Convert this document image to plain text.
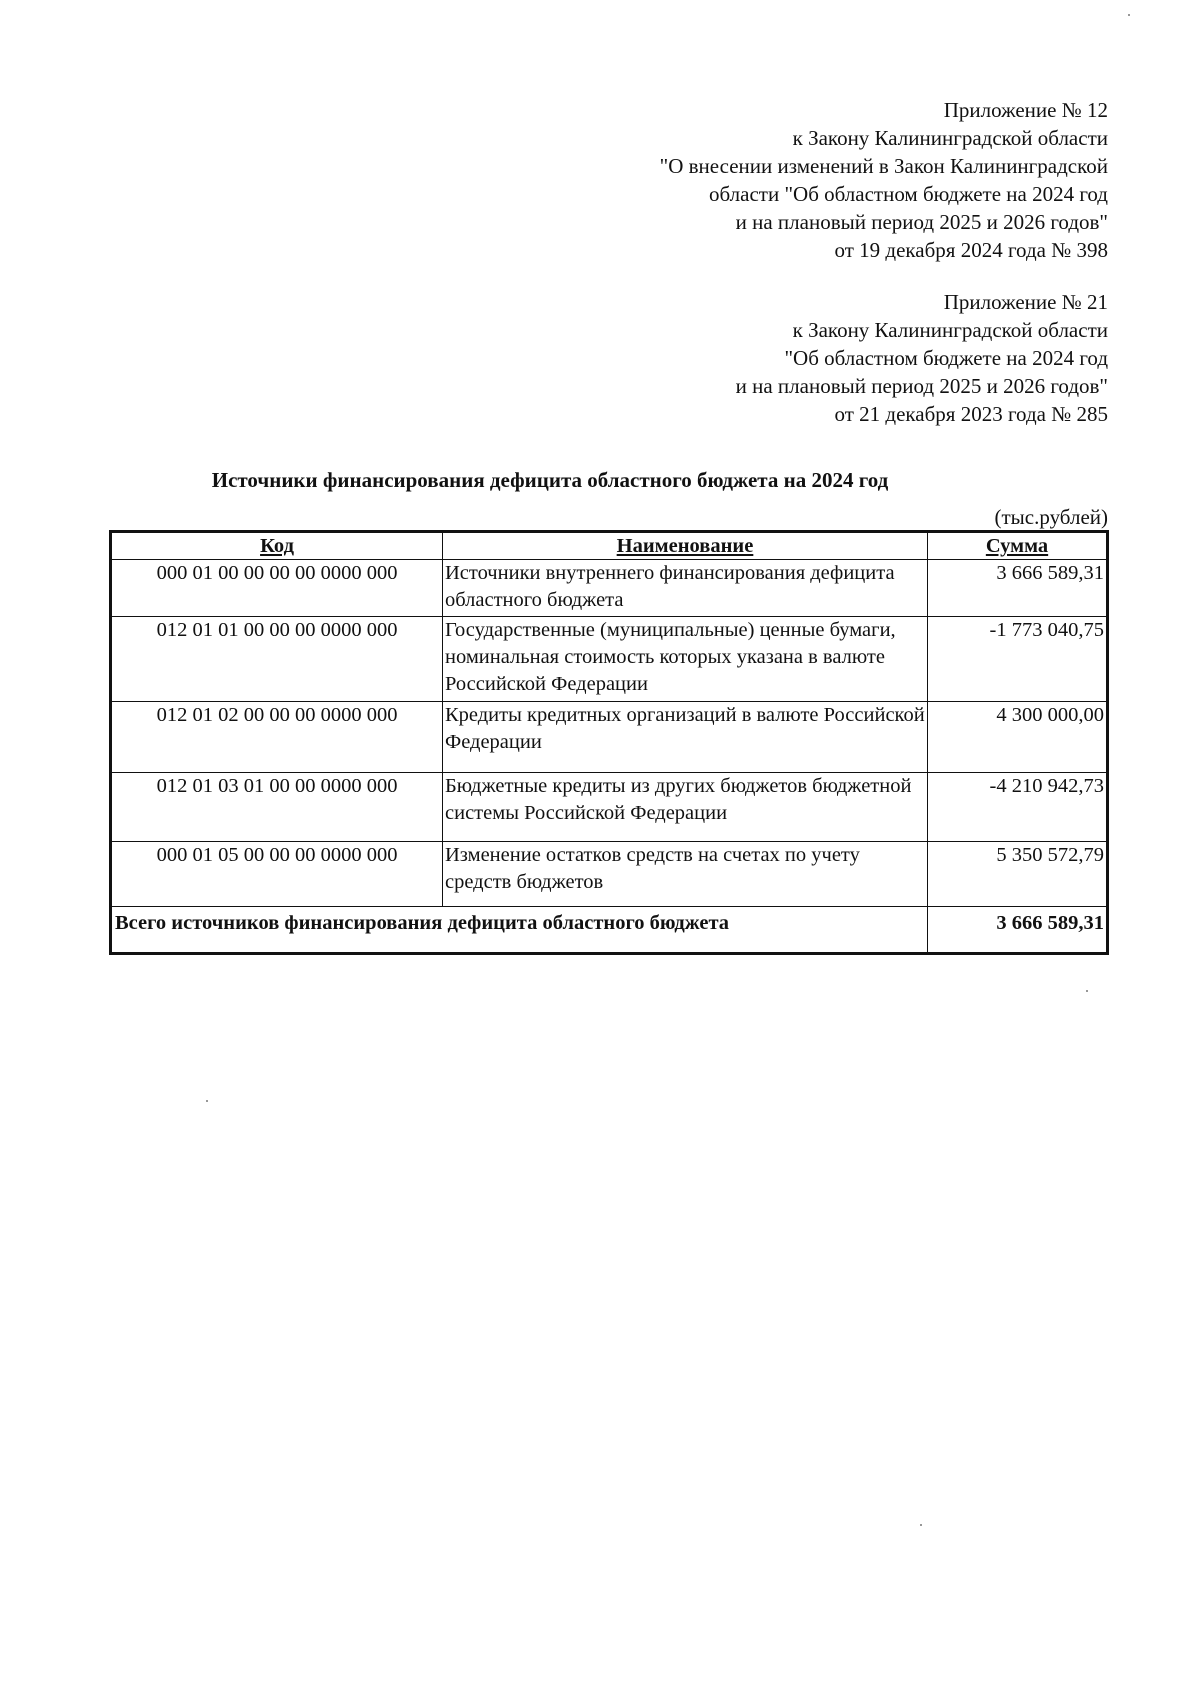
Приложение № 12
к Закону Калининградской области
"О внесении изменений в Закон Калининградской
области "Об областном бюджете на 2024 год
и на плановый период 2025 и 2026 годов"
от 19 декабря 2024 года № 398
Приложение № 21
к Закону Калининградской области
"Об областном бюджете на 2024 год
и на плановый период 2025 и 2026 годов"
от 21 декабря 2023 года № 285
Источники финансирования дефицита областного бюджета на 2024 год
(тыс.рублей)
Код	Наименование	Сумма
000 01 00 00 00 00 0000 000	Источники внутреннего финансирования дефицита областного бюджета	3 666 589,31
012 01 01 00 00 00 0000 000	Государственные (муниципальные) ценные бумаги, номинальная стоимость которых указана в валюте Российской Федерации	-1 773 040,75
012 01 02 00 00 00 0000 000	Кредиты кредитных организаций в валюте Российской Федерации	4 300 000,00
012 01 03 01 00 00 0000 000	Бюджетные кредиты из других бюджетов бюджетной системы Российской Федерации	-4 210 942,73
000 01 05 00 00 00 0000 000	Изменение остатков средств на счетах по учету средств бюджетов	5 350 572,79
Всего источников финансирования дефицита областного бюджета		3 666 589,31
